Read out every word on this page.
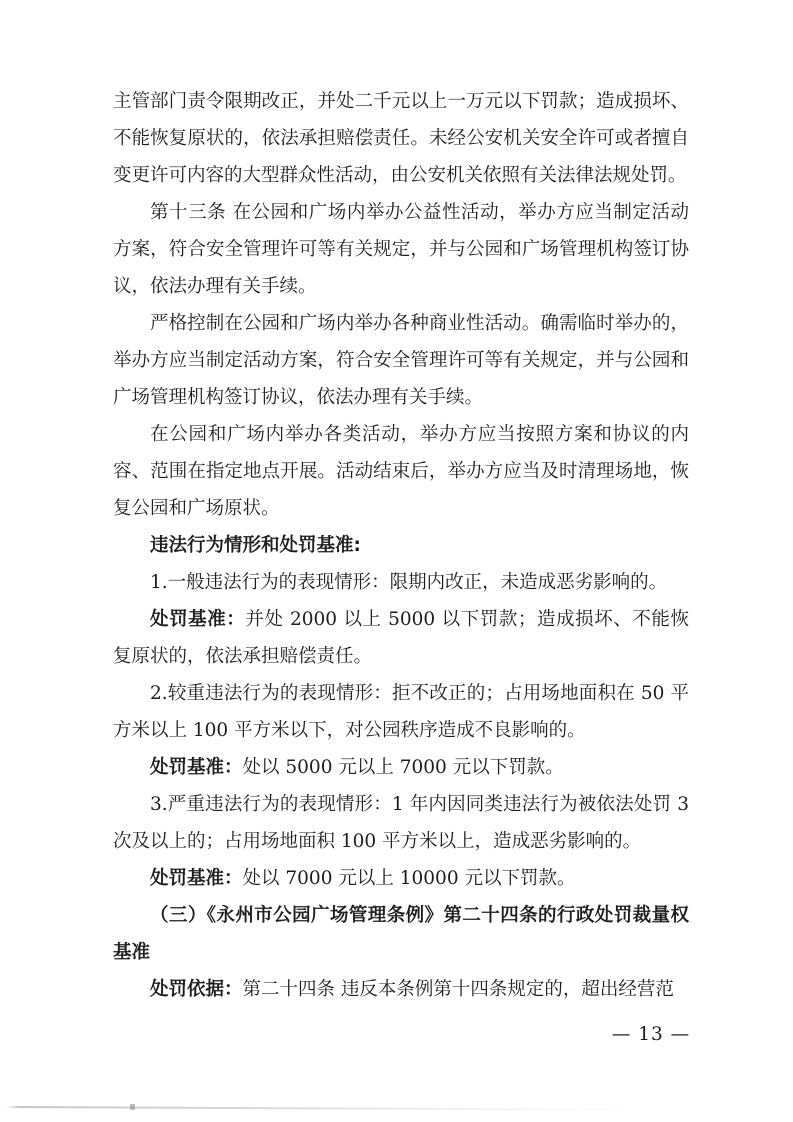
主管部门责令限期改正，并处二千元以上一万元以下罚款；造成损坏、不能恢复原状的，依法承担赔偿责任。未经公安机关安全许可或者擅自变更许可内容的大型群众性活动，由公安机关依照有关法律法规处罚。

第十三条 在公园和广场内举办公益性活动，举办方应当制定活动方案，符合安全管理许可等有关规定，并与公园和广场管理机构签订协议，依法办理有关手续。

严格控制在公园和广场内举办各种商业性活动。确需临时举办的，举办方应当制定活动方案，符合安全管理许可等有关规定，并与公园和广场管理机构签订协议，依法办理有关手续。

在公园和广场内举办各类活动，举办方应当按照方案和协议的内容、范围在指定地点开展。活动结束后，举办方应当及时清理场地，恢复公园和广场原状。

违法行为情形和处罚基准:

1.一般违法行为的表现情形：限期内改正，未造成恶劣影响的。

处罚基准：并处 2000 以上 5000 以下罚款；造成损坏、不能恢复原状的，依法承担赔偿责任。

2.较重违法行为的表现情形：拒不改正的；占用场地面积在 50 平方米以上 100 平方米以下，对公园秩序造成不良影响的。

处罚基准：处以 5000 元以上 7000 元以下罚款。

3.严重违法行为的表现情形：1 年内因同类违法行为被依法处罚 3 次及以上的；占用场地面积 100 平方米以上，造成恶劣影响的。

处罚基准：处以 7000 元以上 10000 元以下罚款。

（三）《永州市公园广场管理条例》第二十四条的行政处罚裁量权基准

处罚依据：第二十四条 违反本条例第十四条规定的，超出经营范

— 13 —
